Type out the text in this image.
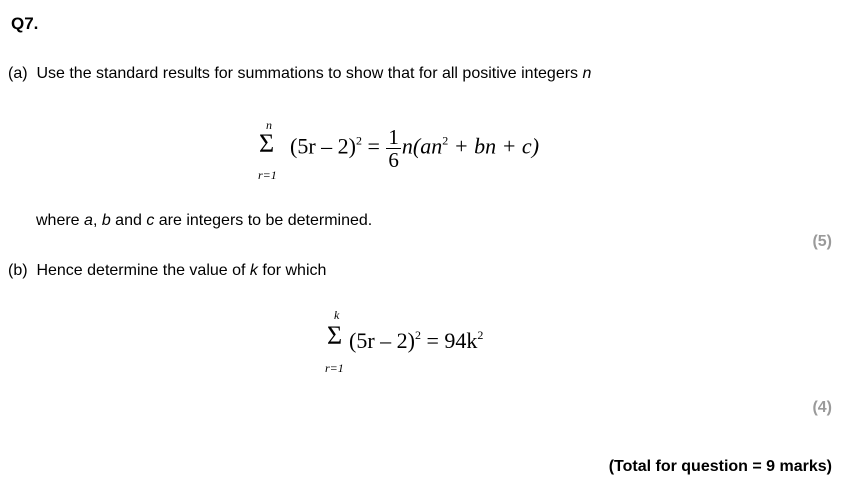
Q7.
(a) Use the standard results for summations to show that for all positive integers n
n
Σ
r=1
$(5r - 2)^2 = \frac{1}{6} n(an^2$ + bn + c)
where a, b and c are integers to be determined.
(5)
(b) Hence determine the value of k for which
k
Σ
r=1
$(5r - 2)^2 = 94k^2$
(4)
(Total for question = 9 marks)
